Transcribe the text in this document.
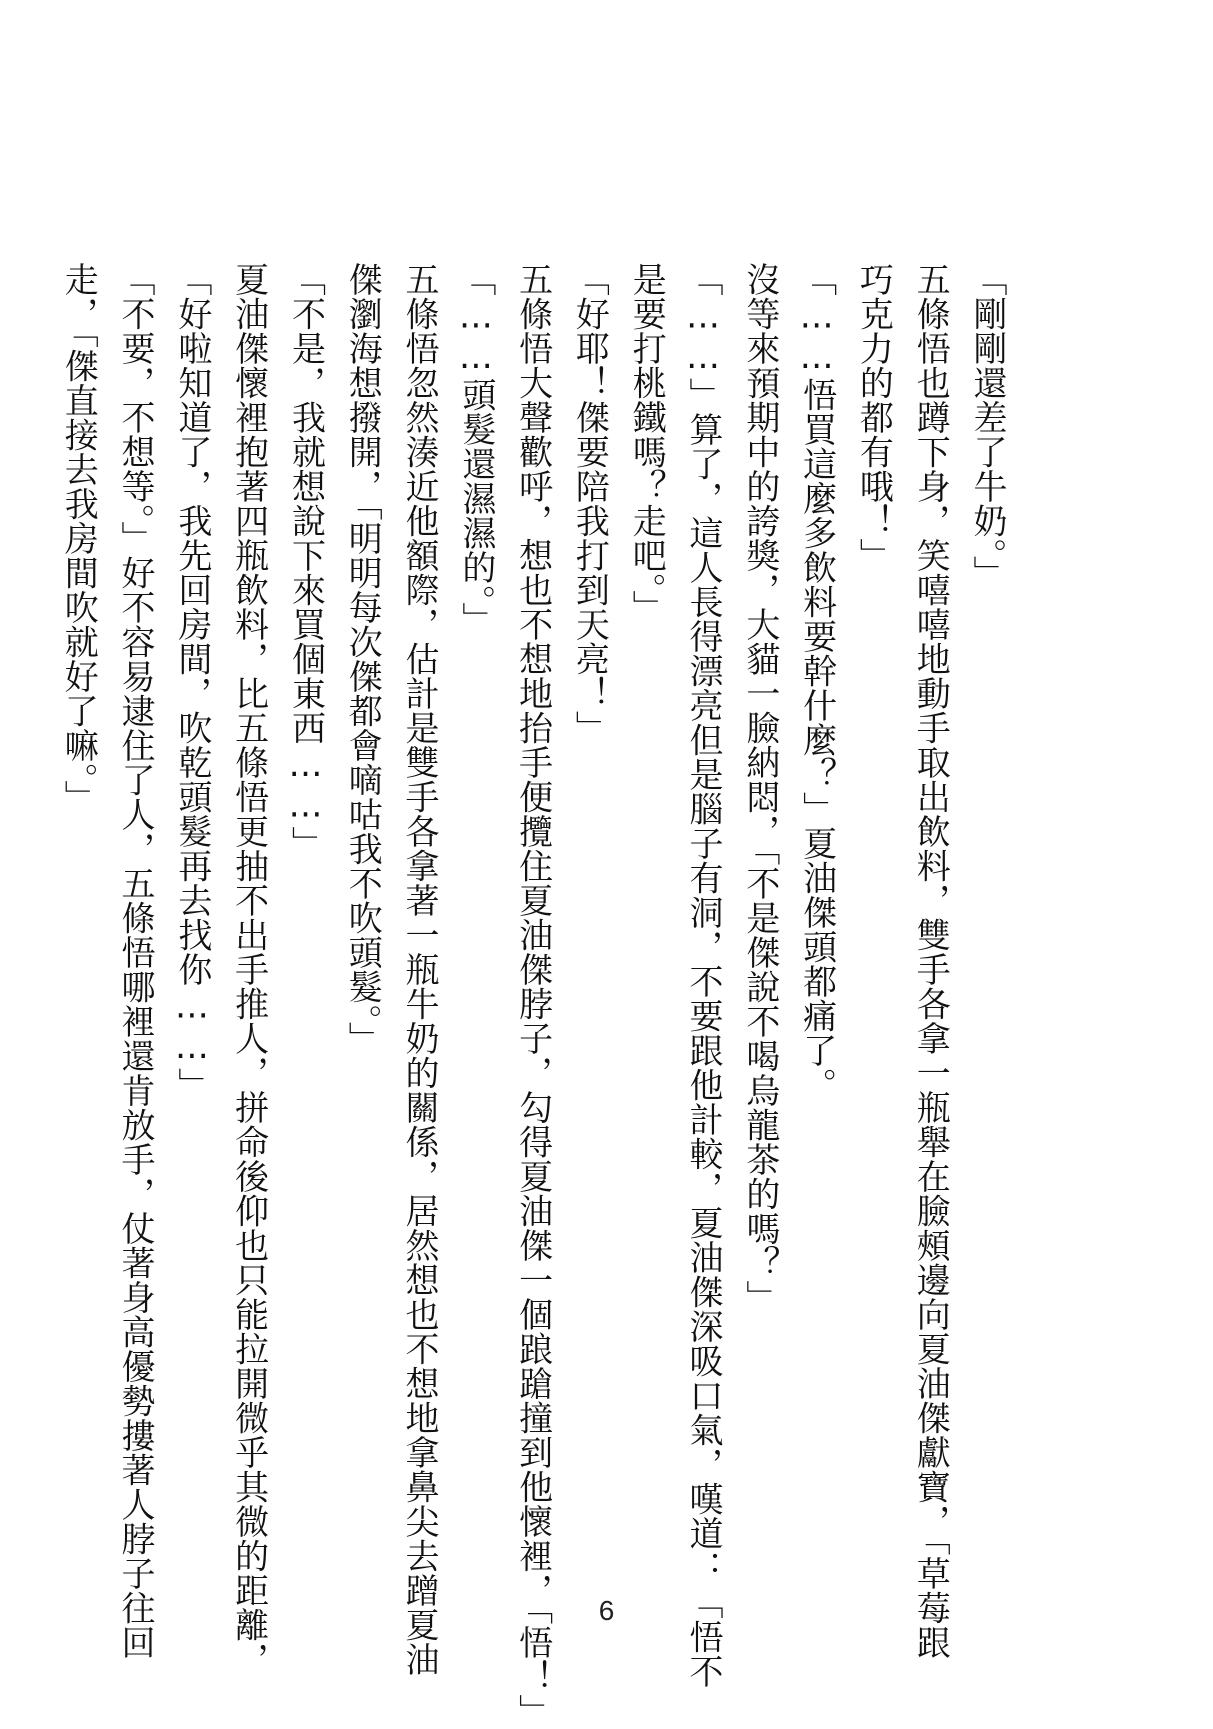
「剛剛還差了牛奶。」
五條悟也蹲下身，笑嘻嘻地動手取出飲料，雙手各拿一瓶舉在臉頰邊向夏油傑獻寶，「草莓跟
巧克力的都有哦！」
「……悟買這麼多飲料要幹什麼？」夏油傑頭都痛了。
沒等來預期中的誇獎，大貓一臉納悶，「不是傑說不喝烏龍茶的嗎？」
「……」算了，這人長得漂亮但是腦子有洞，不要跟他計較，夏油傑深吸口氣，嘆道：「悟不
是要打桃鐵嗎？走吧。」
「好耶！傑要陪我打到天亮！」
五條悟大聲歡呼，想也不想地抬手便攬住夏油傑脖子，勾得夏油傑一個踉蹌撞到他懷裡，「悟！」
「……頭髮還濕濕的。」
五條悟忽然湊近他額際，估計是雙手各拿著一瓶牛奶的關係，居然想也不想地拿鼻尖去蹭夏油
傑瀏海想撥開，「明明每次傑都會嘀咕我不吹頭髮。」
「不是，我就想說下來買個東西……」
夏油傑懷裡抱著四瓶飲料，比五條悟更抽不出手推人，拼命後仰也只能拉開微乎其微的距離，
「好啦知道了，我先回房間，吹乾頭髮再去找你……」
「不要，不想等。」好不容易逮住了人，五條悟哪裡還肯放手，仗著身高優勢摟著人脖子往回
走，「傑直接去我房間吹就好了嘛。」
6
